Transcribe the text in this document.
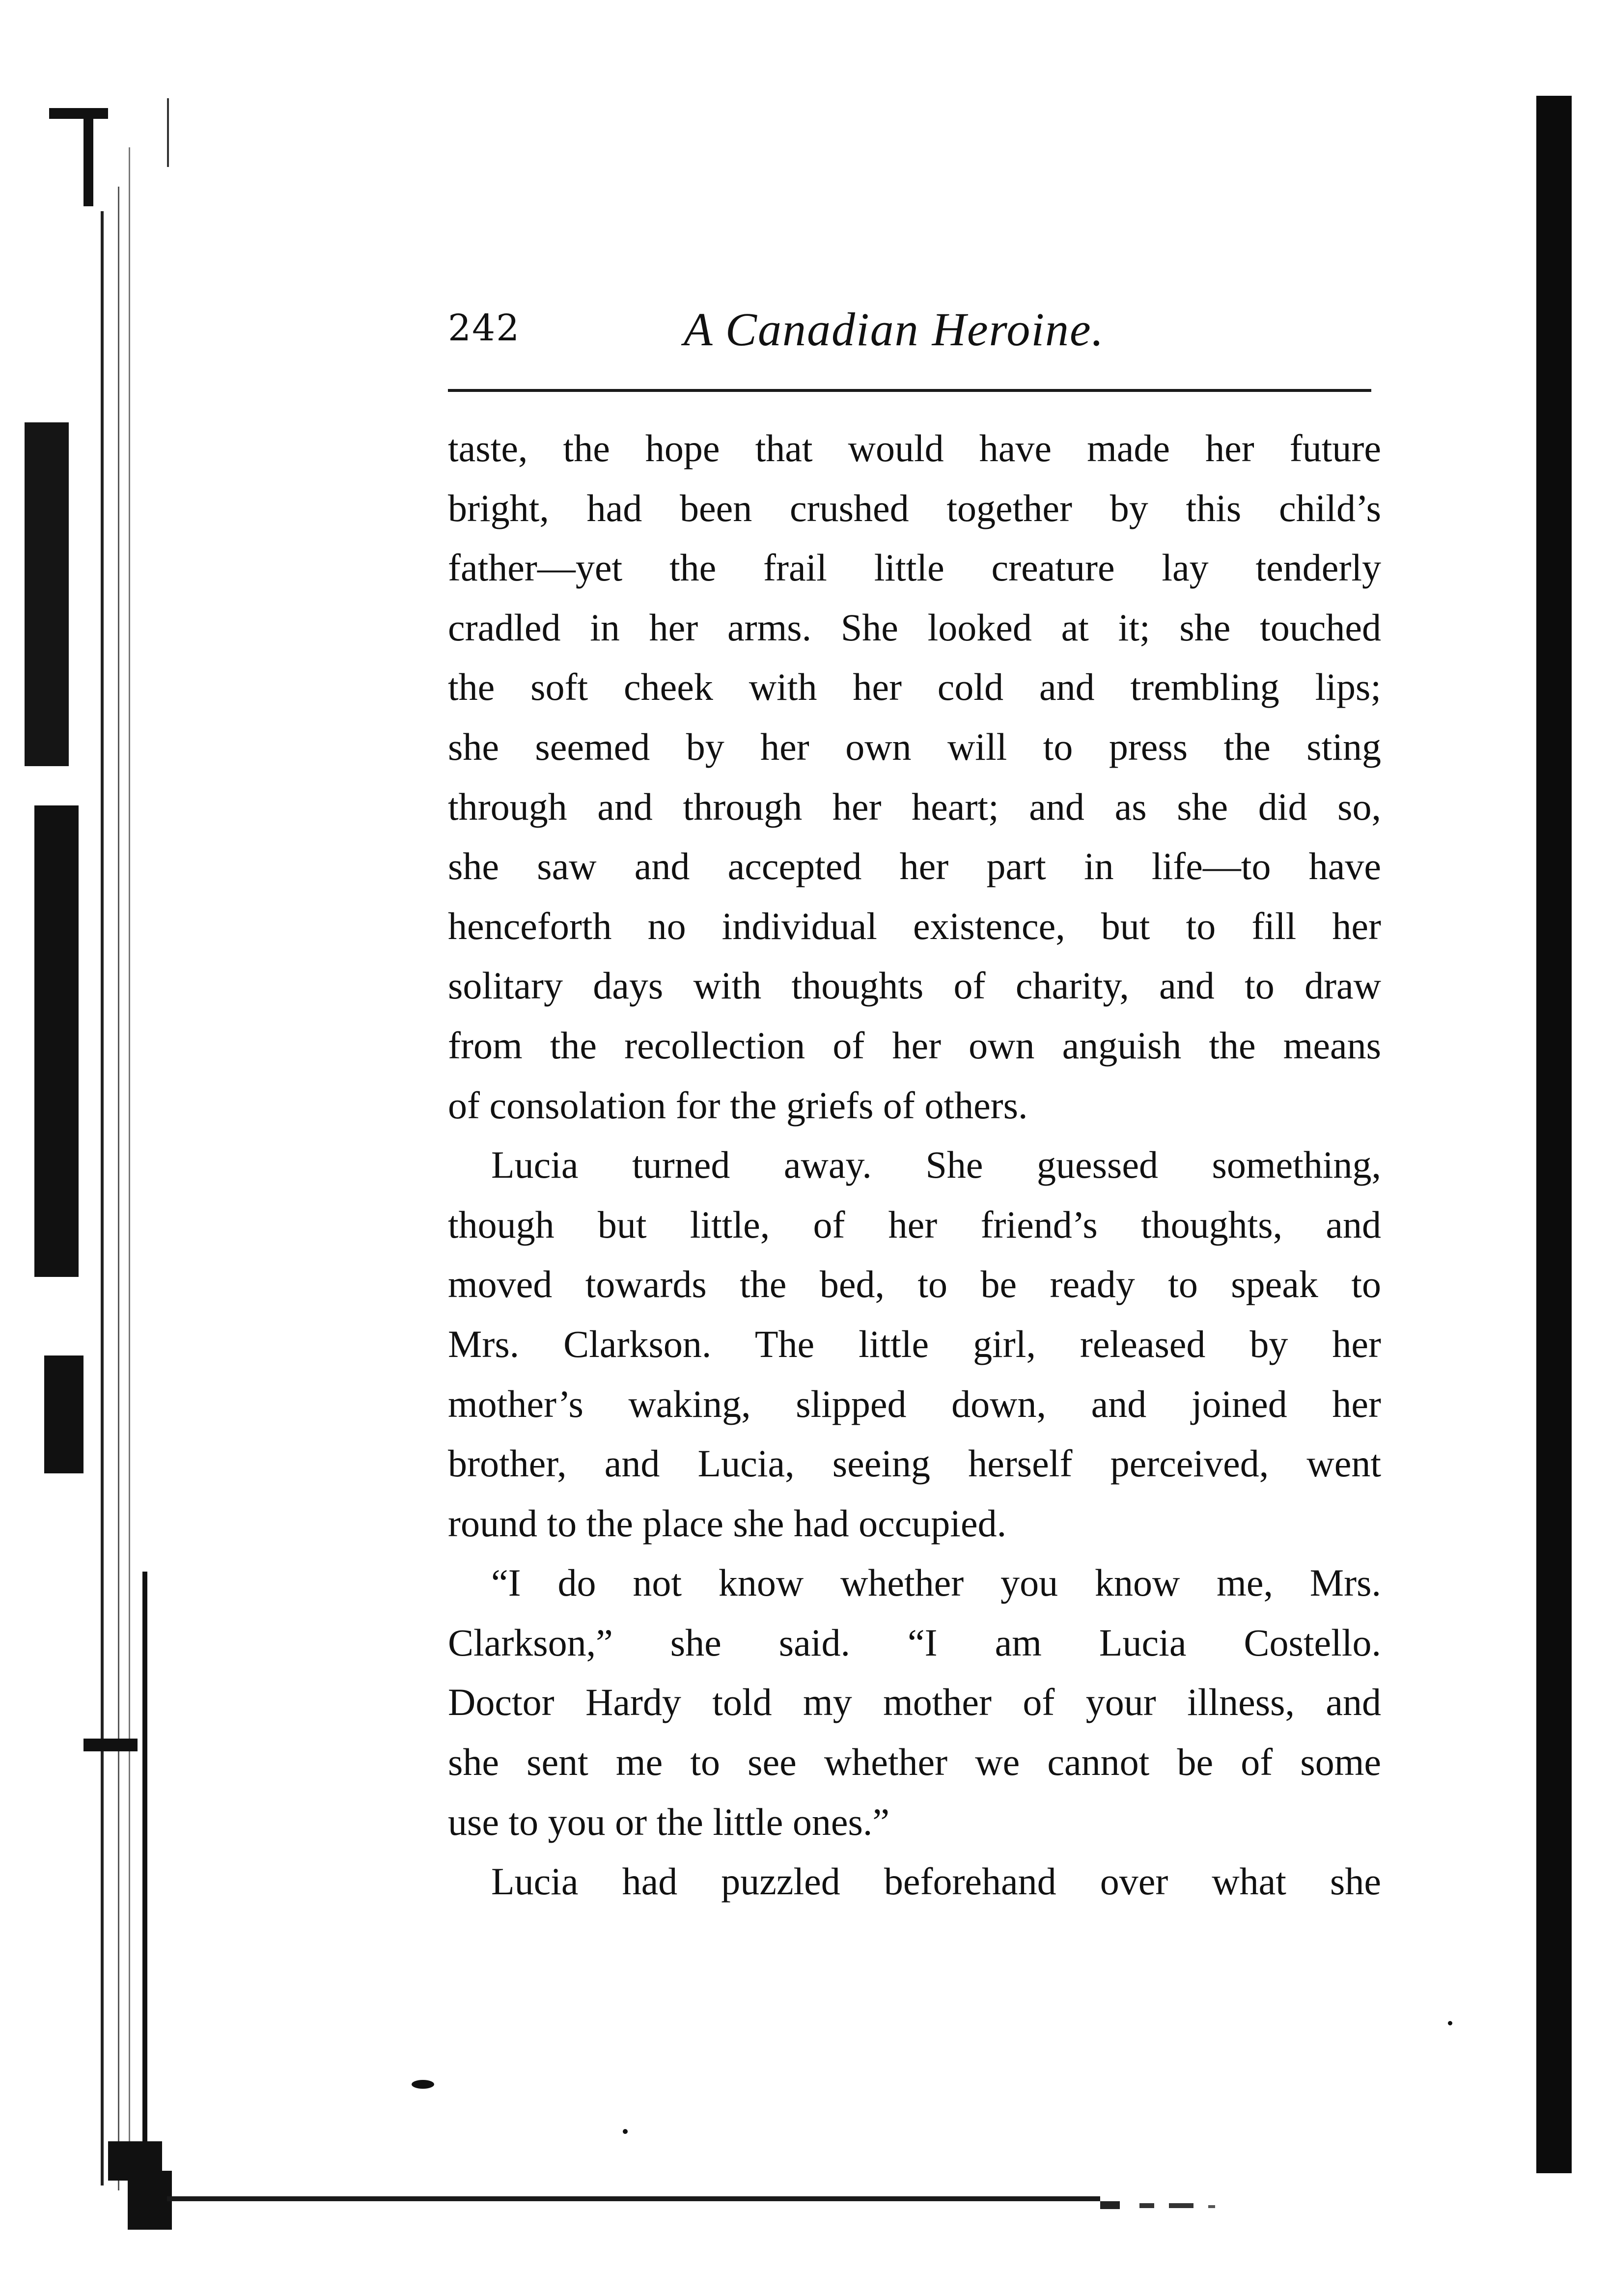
242	A Canadian Heroine.
taste, the hope that would have made her future
bright, had been crushed together by this child’s
father—yet the frail little creature lay tenderly
cradled in her arms. She looked at it; she touched
the soft cheek with her cold and trembling lips;
she seemed by her own will to press the sting
through and through her heart; and as she did so,
she saw and accepted her part in life—to have
henceforth no individual existence, but to fill her
solitary days with thoughts of charity, and to draw
from the recollection of her own anguish the means
of consolation for the griefs of others.
Lucia turned away. She guessed something,
though but little, of her friend’s thoughts, and
moved towards the bed, to be ready to speak to
Mrs. Clarkson. The little girl, released by her
mother’s waking, slipped down, and joined her
brother, and Lucia, seeing herself perceived, went
round to the place she had occupied.
“I do not know whether you know me, Mrs.
Clarkson,” she said. “I am Lucia Costello.
Doctor Hardy told my mother of your illness, and
she sent me to see whether we cannot be of some
use to you or the little ones.”
Lucia had puzzled beforehand over what she
